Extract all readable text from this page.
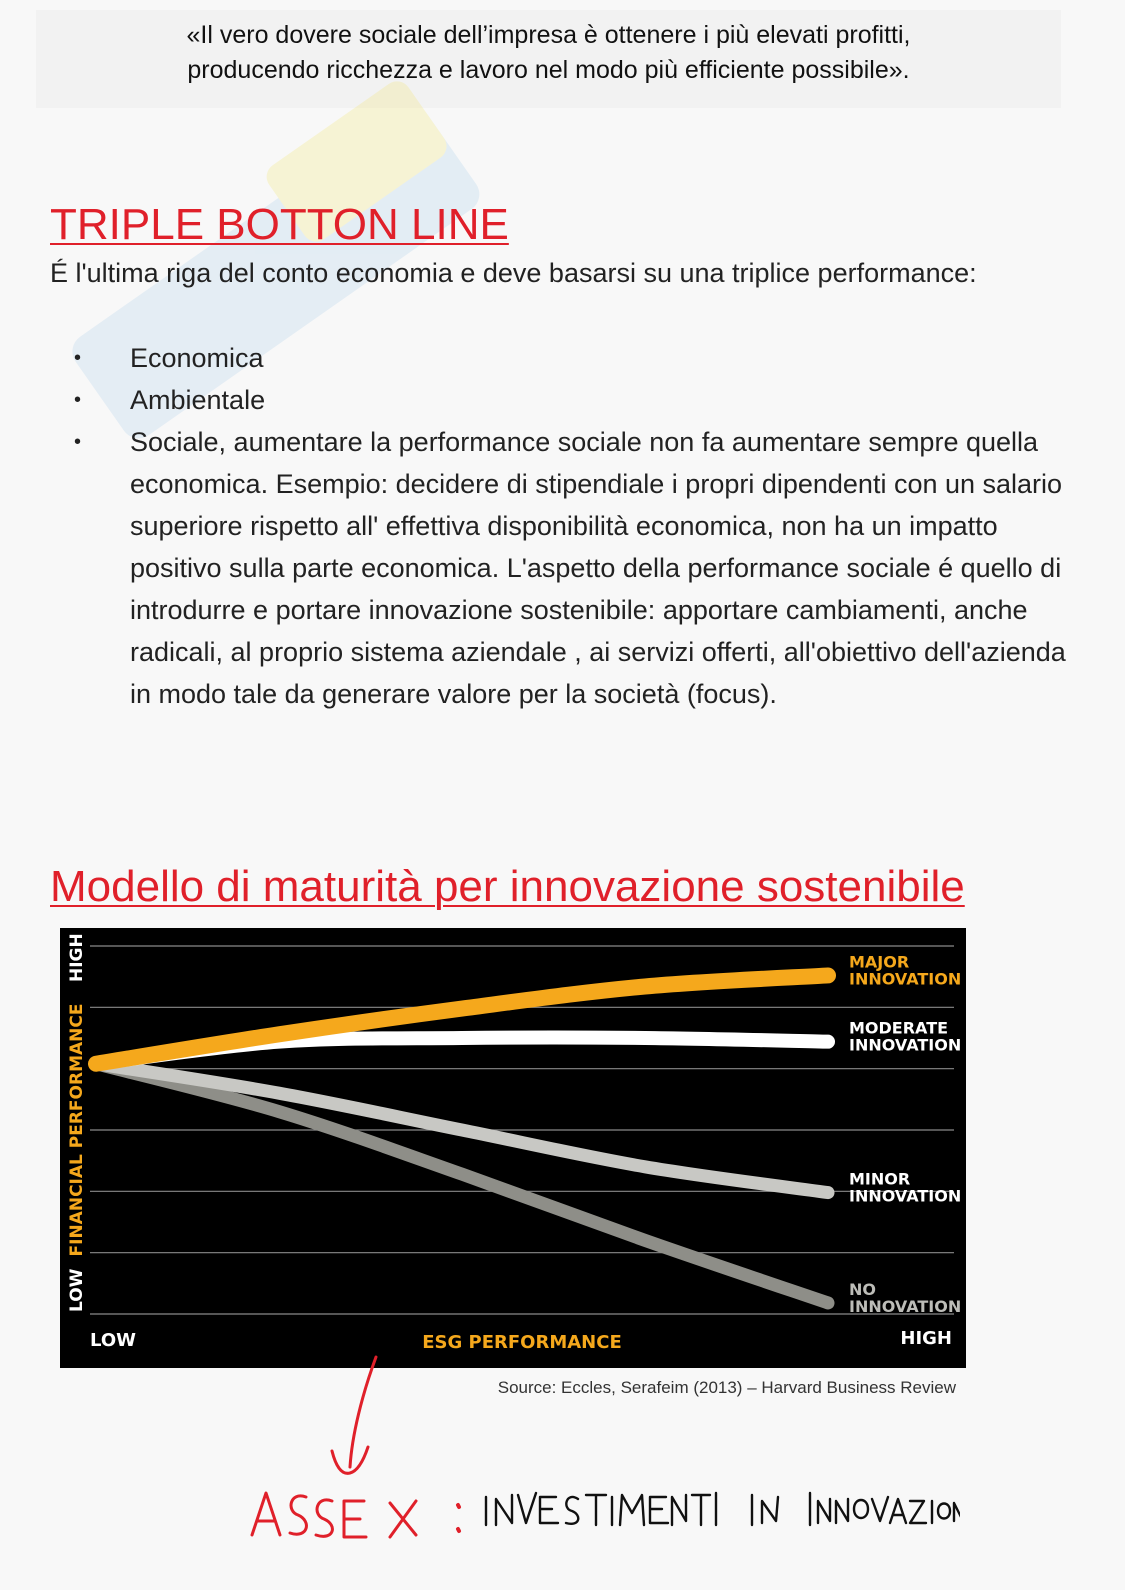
«Il vero dovere sociale dell’impresa è ottenere i più elevati profitti,
producendo ricchezza e lavoro nel modo più efficiente possibile».
TRIPLE BOTTON LINE
É l'ultima riga del conto economia e deve basarsi su una triplice performance:
• Economica
• Ambientale
• Sociale, aumentare la performance sociale non fa aumentare sempre quella economica. Esempio: decidere di stipendiale i propri dipendenti con un salario superiore rispetto all' effettiva disponibilità economica, non ha un impatto positivo sulla parte economica. L'aspetto della performance sociale é quello di introdurre e portare innovazione sostenibile: apportare cambiamenti, anche radicali, al proprio sistema aziendale , ai servizi offerti, all'obiettivo dell'azienda in modo tale da generare valore per la società (focus).
Modello di maturità per innovazione sostenibile
MAJOR INNOVATION
MODERATE INNOVATION
MINOR INNOVATION
NO INNOVATION
LOW	HIGH
ESG PERFORMANCE
LOW
HIGH
FINANCIAL PERFORMANCE
Source: Eccles, Serafeim (2013) – Harvard Business Review
